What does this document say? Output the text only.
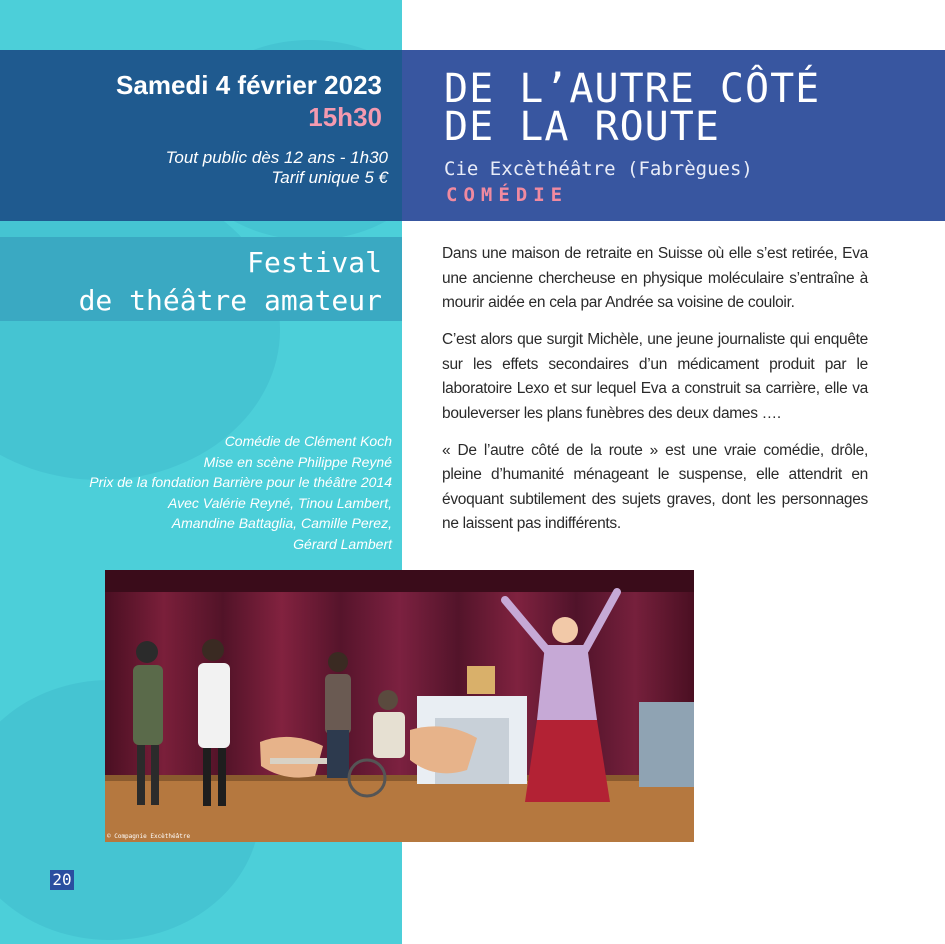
Samedi 4 février 2023
15h30
Tout public dès 12 ans - 1h30
Tarif unique 5 €
DE L’AUTRE CÔTÉ
DE LA ROUTE
Cie Excèthéâtre (Fabrègues)
COMÉDIE
Festival
de théâtre amateur
Comédie de Clément Koch
Mise en scène Philippe Reyné
Prix de la fondation Barrière pour le théâtre 2014
Avec Valérie Reyné, Tinou Lambert,
Amandine Battaglia, Camille Perez,
Gérard Lambert

Dans une maison de retraite en Suisse où elle s’est retirée, Eva une ancienne chercheuse en physique moléculaire s’entraîne à mourir aidée en cela par Andrée sa voisine de couloir.

C’est alors que surgit Michèle, une jeune journaliste qui enquête sur les effets secondaires d’un médicament produit par le laboratoire Lexo et sur lequel Eva a construit sa carrière, elle va bouleverser les plans funèbres des deux dames ….

« De l’autre côté de la route » est une vraie comédie, drôle, pleine d’humanité ménageant le suspense, elle attendrit en évoquant subtilement des sujets graves, dont les personnages ne laissent pas indifférents.

© Compagnie Excèthéâtre
20
